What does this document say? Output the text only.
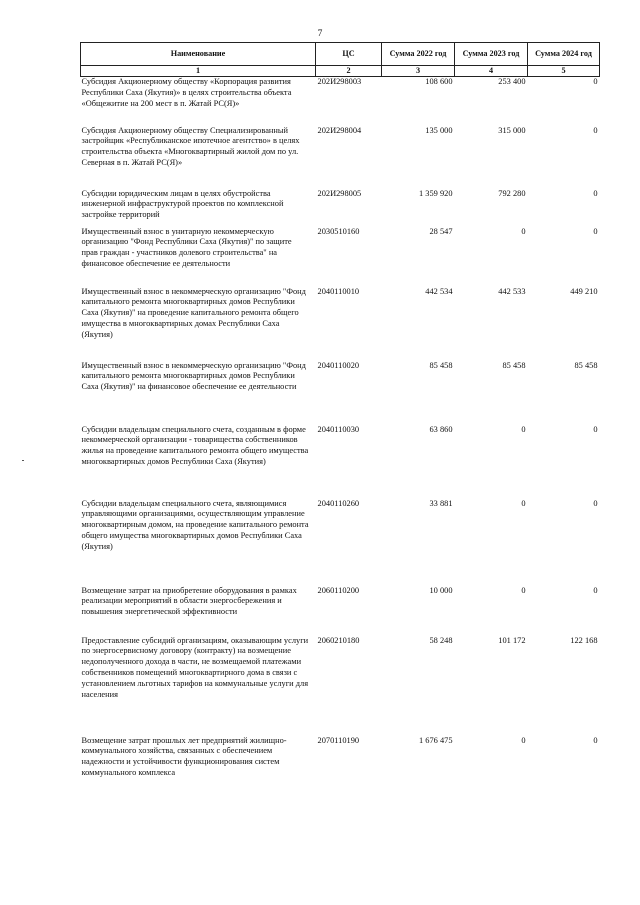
7
Наименование	ЦС	Сумма 2022 год	Сумма 2023 год	Сумма 2024 год
1	2	3	4	5
Субсидия Акционерному обществу «Корпорация развития Республики Саха (Якутия)» в целях строительства объекта «Общежитие на 200 мест в п. Жатай РС(Я)»	202И298003	108 600	253 400	0
Субсидия Акционерному обществу Специализированный застройщик «Республиканское ипотечное агентство» в целях строительства объекта «Многоквартирный жилой дом по ул. Северная в п. Жатай РС(Я)»	202И298004	135 000	315 000	0
Субсидии юридическим лицам в целях обустройства инженерной инфраструктурой проектов по комплексной застройке территорий	202И298005	1 359 920	792 280	0
Имущественный взнос в унитарную некоммерческую организацию "Фонд Республики Саха (Якутия)" по защите прав граждан - участников долевого строительства" на финансовое обеспечение ее деятельности	2030510160	28 547	0	0
Имущественный взнос в некоммерческую организацию "Фонд капитального ремонта многоквартирных домов Республики Саха (Якутия)" на проведение капитального ремонта общего имущества в многоквартирных домах Республики Саха (Якутия)	2040110010	442 534	442 533	449 210
Имущественный взнос в некоммерческую организацию "Фонд капитального ремонта многоквартирных домов Республики Саха (Якутия)" на финансовое обеспечение ее деятельности	2040110020	85 458	85 458	85 458
Субсидии владельцам специального счета, созданным в форме некоммерческой организации - товарищества собственников жилья на проведение капитального ремонта общего имущества многоквартирных домов Республики Саха (Якутия)	2040110030	63 860	0	0
Субсидии владельцам специального счета, являющимися управляющими организациями, осуществляющим управление многоквартирным домом, на проведение капитального ремонта общего имущества многоквартирных домов Республики Саха (Якутия)	2040110260	33 881	0	0
Возмещение затрат на приобретение оборудования в рамках реализации мероприятий в области энергосбережения и повышения энергетической эффективности	2060110200	10 000	0	0
Предоставление субсидий организациям, оказывающим услуги по энергосервисному договору (контракту) на возмещение недополученного дохода в части, не возмещаемой платежами собственников помещений многоквартирного дома в связи с установлением льготных тарифов на коммунальные услуги для населения	2060210180	58 248	101 172	122 168
Возмещение затрат прошлых лет предприятий жилищно-коммунального хозяйства, связанных с обеспечением надежности и устойчивости функционирования систем коммунального комплекса	2070110190	1 676 475	0	0
